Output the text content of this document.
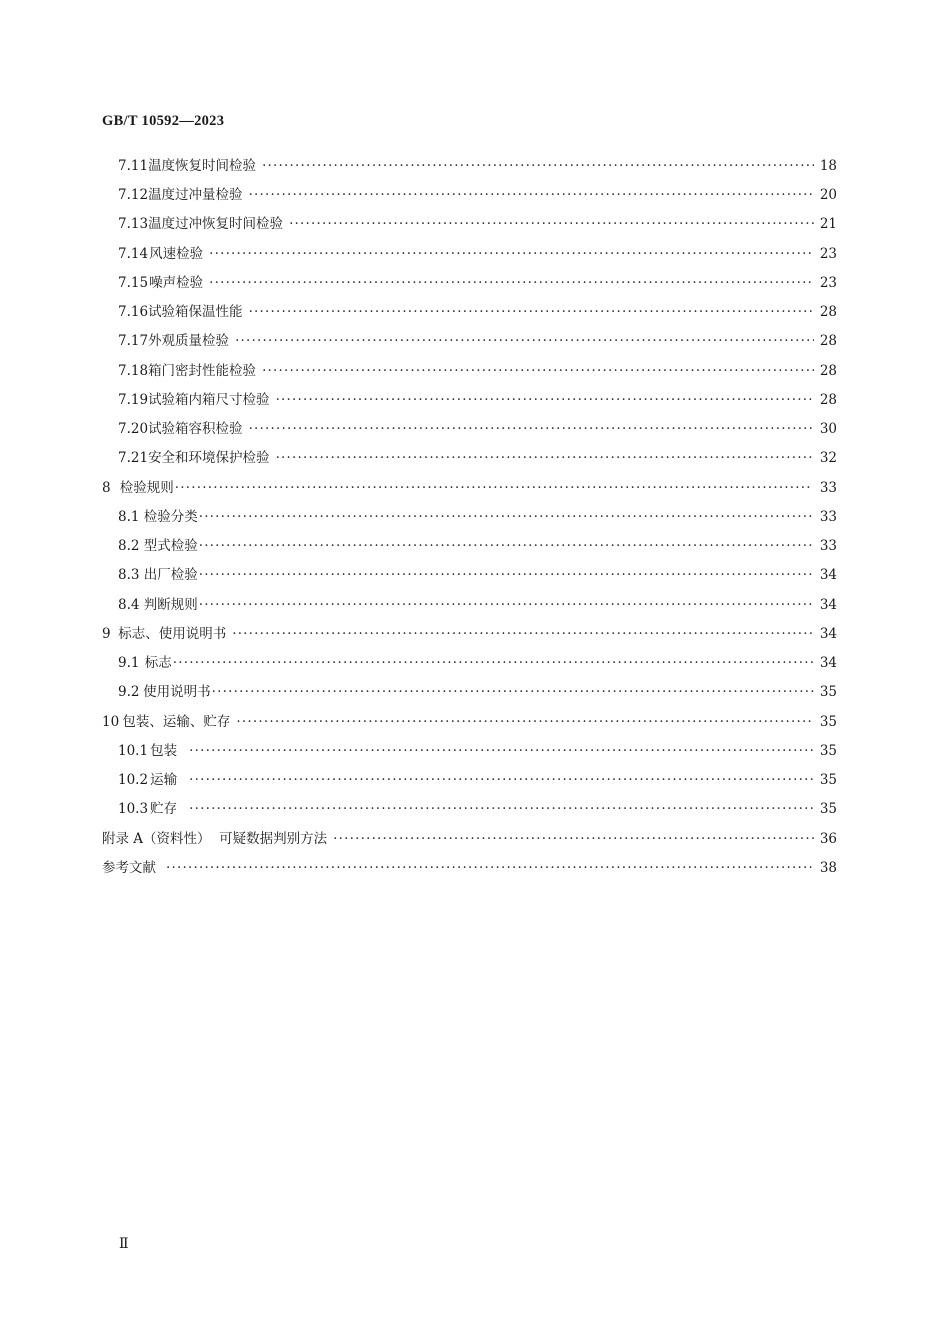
GB/T 10592—2023
7.11 温度恢复时间检验 ·····	18
7.12 温度过冲量检验 ·····	20
7.13 温度过冲恢复时间检验 ·····	21
7.14 风速检验 ·····	23
7.15 噪声检验 ·····	23
7.16 试验箱保温性能 ·····	28
7.17 外观质量检验 ·····	28
7.18 箱门密封性能检验 ·····	28
7.19 试验箱内箱尺寸检验 ·····	28
7.20 试验箱容积检验 ·····	30
7.21 安全和环境保护检验 ·····	32
8 检验规则 ·····	33
8.1 检验分类 ·····	33
8.2 型式检验 ·····	33
8.3 出厂检验 ·····	34
8.4 判断规则 ·····	34
9 标志、使用说明书 ·····	34
9.1 标志 ·····	34
9.2 使用说明书 ·····	35
10 包装、运输、贮存 ·····	35
10.1 包装 ·····	35
10.2 运输 ·····	35
10.3 贮存 ·····	35
附录 A（资料性）  可疑数据判别方法 ·····	36
参考文献 ·····	38
Ⅱ
